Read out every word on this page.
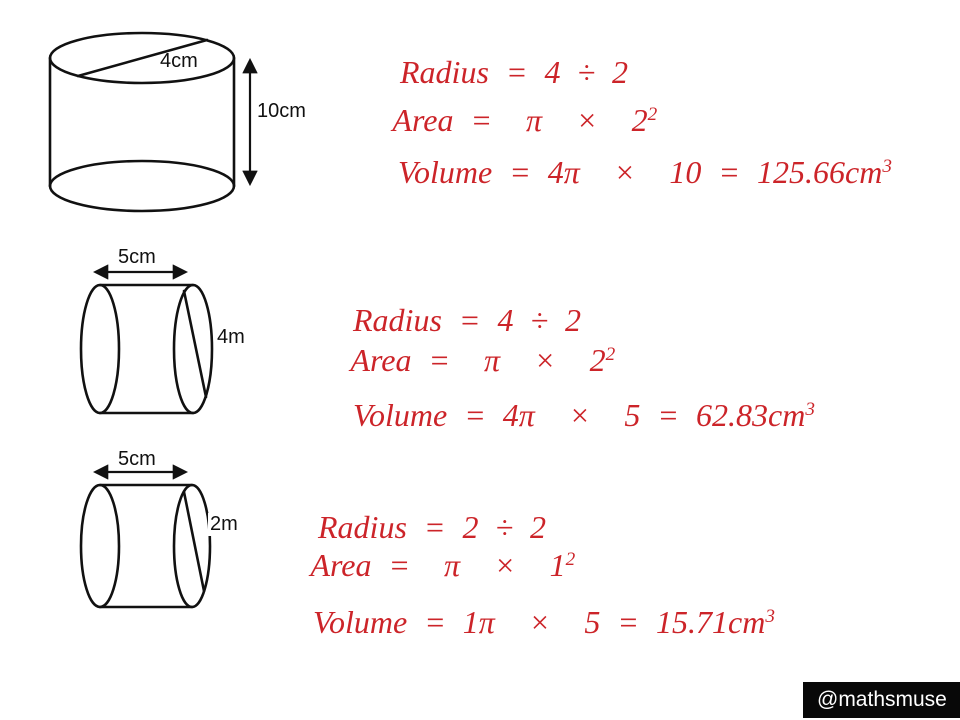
4cm
10cm
5cm
4m
5cm
2m

Radius = 4 ÷ 2

Area =  $\pi \times 2^2$

Volume = $4\pi \times 10 = 125.66cm^3$

Radius = 4 ÷ 2

Area =  $\pi \times 2^2$

Volume = $4\pi \times 5 = 62.83cm^3$

Radius = 2 ÷ 2

Area =  $\pi \times 1^2$

Volume = $1\pi \times 5 = 15.71cm^3$

@mathsmuse
